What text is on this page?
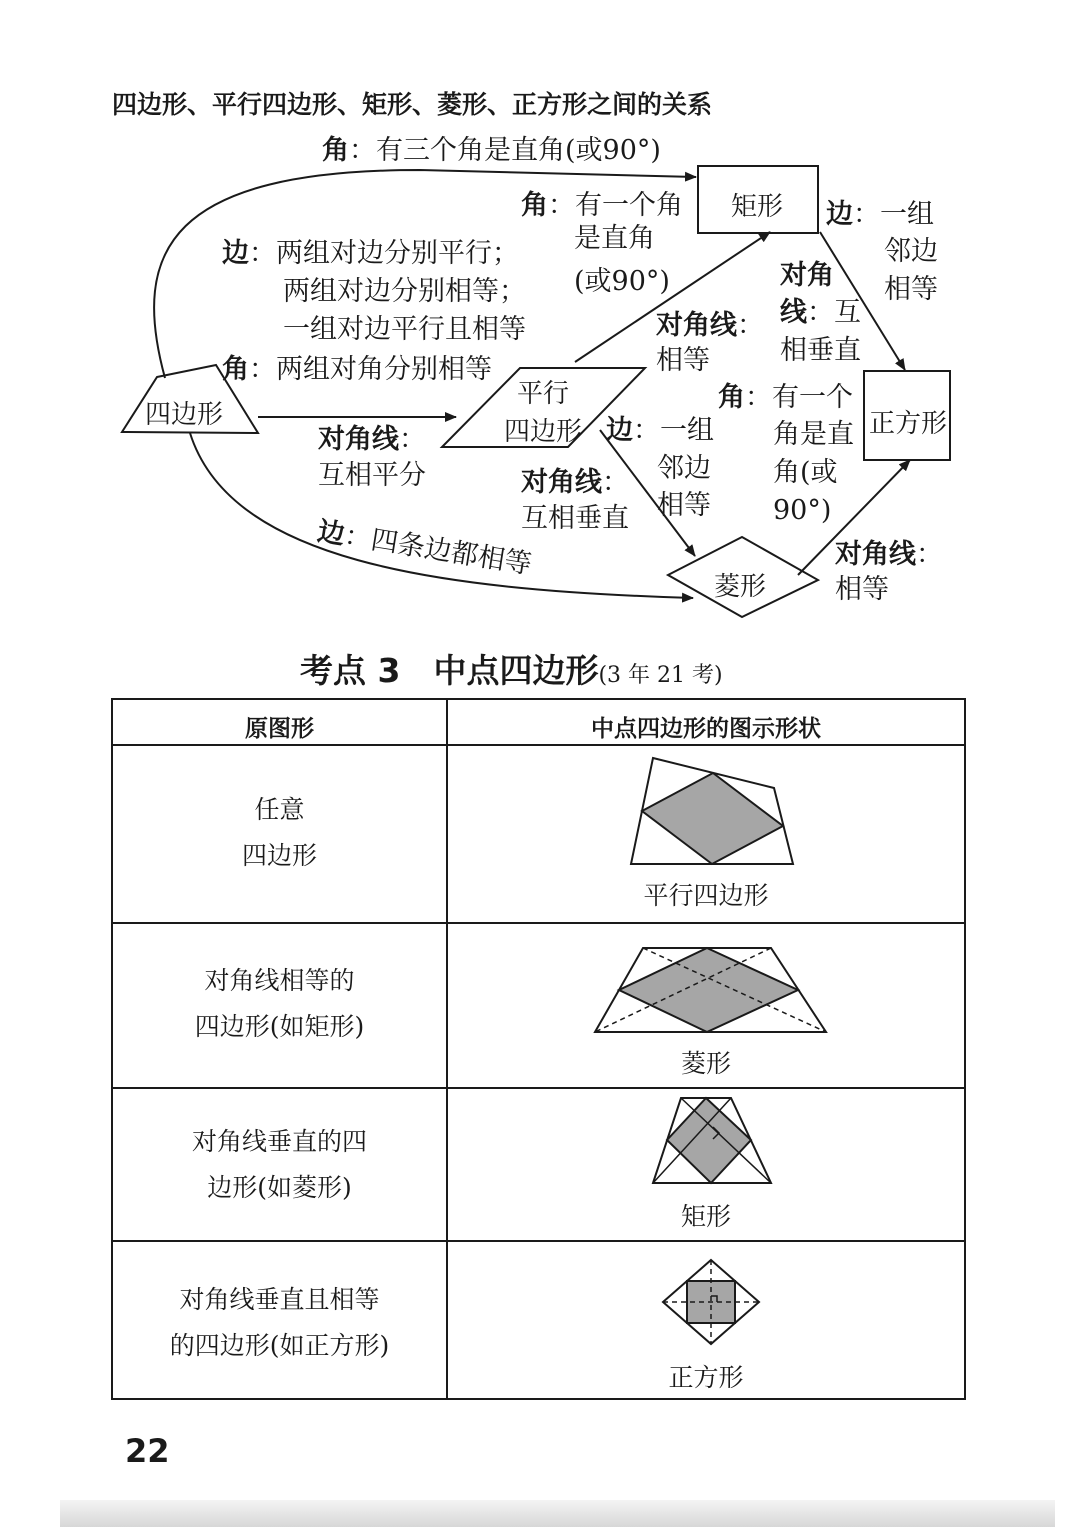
四边形、平行四边形、矩形、菱形、正方形之间的关系
四边形
平行
四边形
矩形
正方形
菱形
角：有三个角是直角(或90°)
角：有一个角
是直角
(或90°)
边：两组对边分别平行；
两组对边分别相等；
一组对边平行且相等
角：两组对角分别相等
对角线：
互相平分
边：一组
邻边
相等
对角
线：互
相垂直
对角线：
相等
角：有一个
角是直
角(或
90°)
边：一组
邻边
相等
对角线：
互相垂直
边：四条边都相等	对角线：
相等
考点 3　中点四边形(3 年 21 考)
原图形	中点四边形的图示形状
任意
四边形
平行四边形
对角线相等的
四边形(如矩形)
菱形
对角线垂直的四
边形(如菱形)
矩形
对角线垂直且相等
的四边形(如正方形)
正方形
22
